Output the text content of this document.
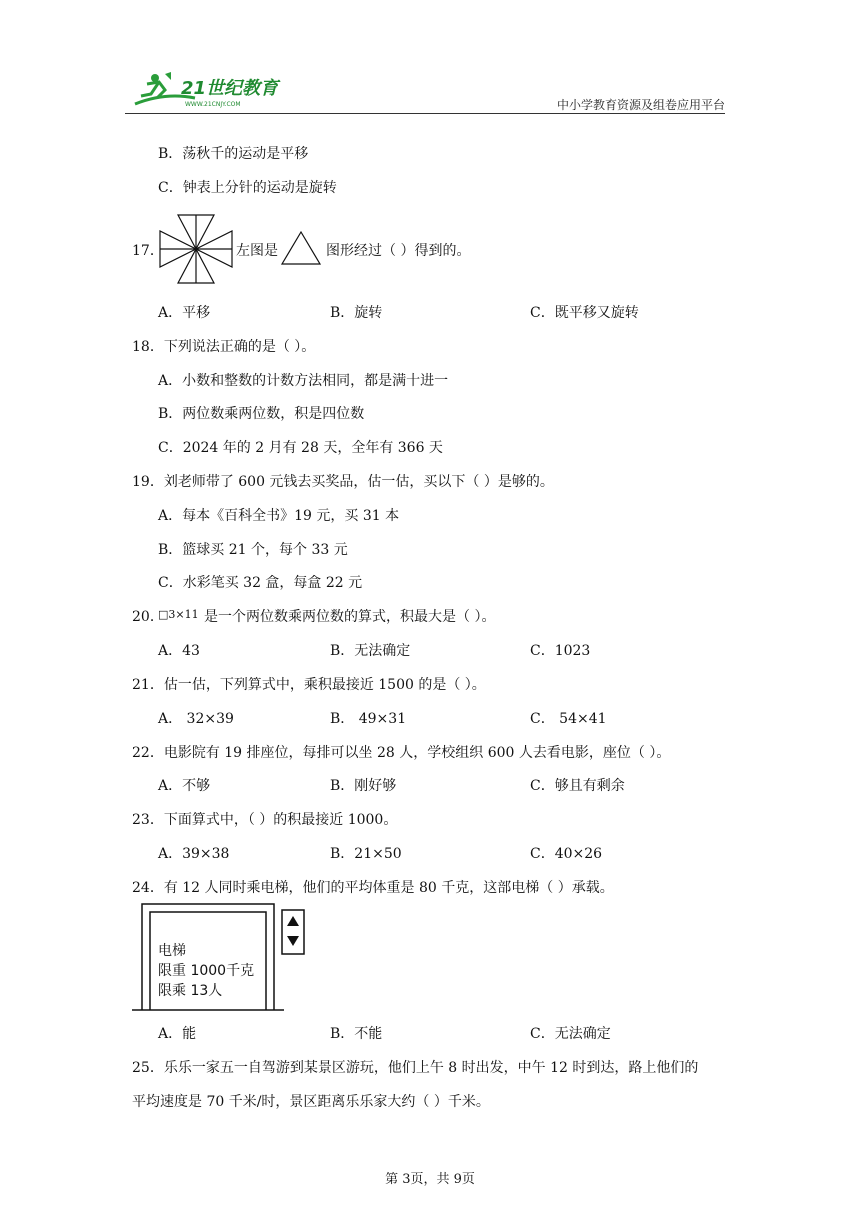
21世纪教育
WWW.21CNJY.COM	中小学教育资源及组卷应用平台
B．荡秋千的运动是平移
C．钟表上分针的运动是旋转
17．	左图是	图形经过（ ）得到的。
A．平移	B．旋转	C．既平移又旋转
18．下列说法正确的是（ ）。
A．小数和整数的计数方法相同，都是满十进一
B．两位数乘两位数，积是四位数
C．2024 年的 2 月有 28 天，全年有 366 天
19．刘老师带了 600 元钱去买奖品，估一估，买以下（ ）是够的。
A．每本《百科全书》19 元，买 31 本
B．篮球买 21 个，每个 33 元
C．水彩笔买 32 盒，每盒 22 元
20．
□3×11 是一个两位数乘两位数的算式，积最大是（ ）。
A．43	B．无法确定	C．1023
21．估一估，下列算式中，乘积最接近 1500 的是（ ）。
A． 32×39	B． 49×31	C． 54×41
22．电影院有 19 排座位，每排可以坐 28 人，学校组织 600 人去看电影，座位（ ）。
A．不够	B．刚好够	C．够且有剩余
23．下面算式中，（ ）的积最接近 1000。
A．39×38	B．21×50	C．40×26
24．有 12 人同时乘电梯，他们的平均体重是 80 千克，这部电梯（ ）承载。
电梯
限重 1000千克
限乘 13人
A．能	B．不能	C．无法确定
25．乐乐一家五一自驾游到某景区游玩，他们上午 8 时出发，中午 12 时到达，路上他们的
平均速度是 70 千米/时，景区距离乐乐家大约（ ）千米。
第 3页，共 9页
